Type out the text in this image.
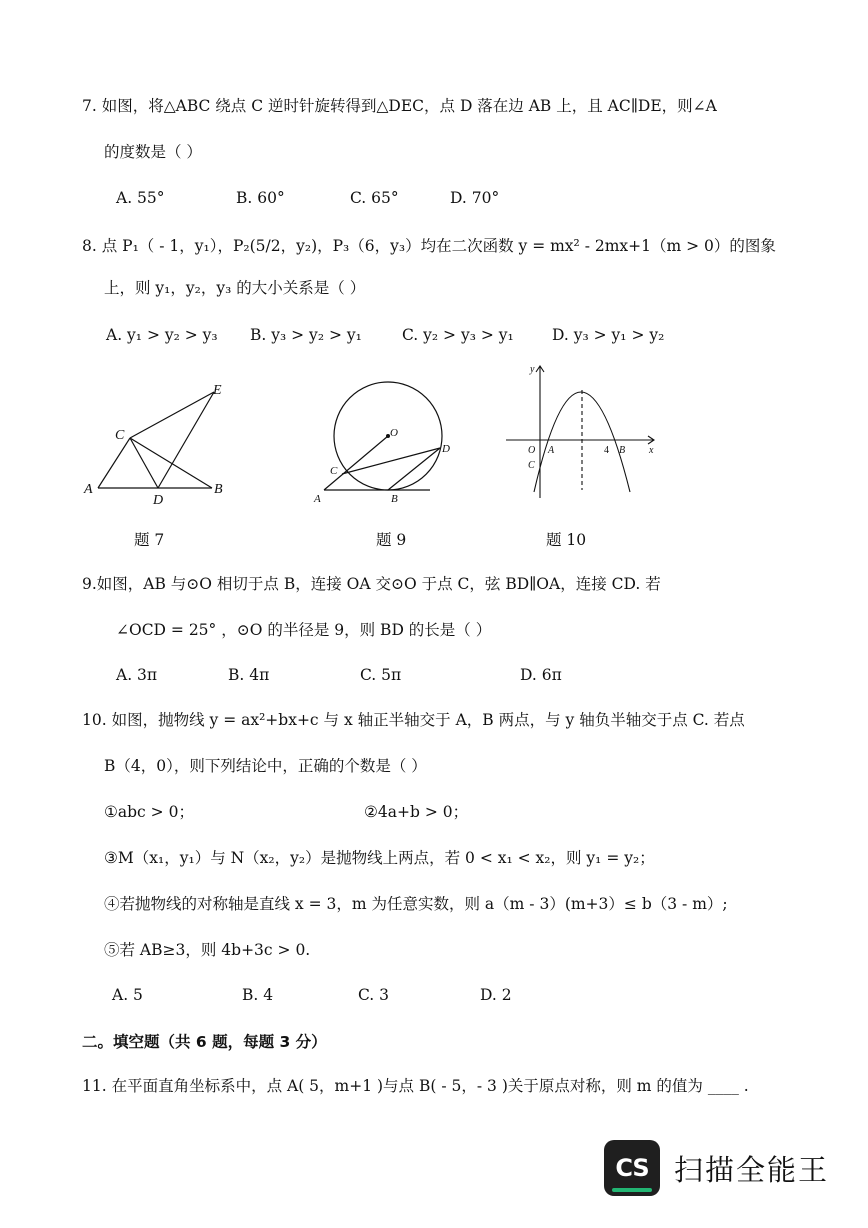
7. 如图，将△ABC 绕点 C 逆时针旋转得到△DEC，点 D 落在边 AB 上，且 AC∥DE，则∠A
的度数是（ ）
A. 55°	B. 60°	C. 65°	D. 70°
8. 点 P₁（ - 1，y₁），P₂(5/2，y₂)，P₃（6，y₃）均在二次函数 y = mx² - 2mx+1（m > 0）的图象
上，则 y₁，y₂，y₃ 的大小关系是（ ）
A. y₁ > y₂ > y₃ B. y₃ > y₂ > y₁	C. y₂ > y₃ > y₁ D. y₃ > y₁ > y₂
A	B
C
D
E
O
C
D
A	B
y
x
O A
C
4 B
题 7	题 9	题 10
9.如图，AB 与⊙O 相切于点 B，连接 OA 交⊙O 于点 C，弦 BD∥OA，连接 CD. 若
∠OCD = 25° ，⊙O 的半径是 9，则 BD 的长是（ ）
A. 3π	B. 4π	C. 5π	D. 6π
10. 如图，抛物线 y = ax²+bx+c 与 x 轴正半轴交于 A，B 两点，与 y 轴负半轴交于点 C. 若点
B（4，0），则下列结论中，正确的个数是（ ）
①abc > 0；	②4a+b > 0；
③M（x₁，y₁）与 N（x₂，y₂）是抛物线上两点，若 0 < x₁ < x₂，则 y₁ = y₂；
④若抛物线的对称轴是直线 x = 3，m 为任意实数，则 a（m - 3）(m+3）≤ b（3 - m）;
⑤若 AB≥3，则 4b+3c > 0.
A. 5	B. 4	C. 3	D. 2
二。填空题（共 6 题，每题 3 分）
11. 在平面直角坐标系中，点 A( 5，m+1 )与点 B( - 5，- 3 )关于原点对称，则 m 的值为 ____ .
CS 扫描全能王
